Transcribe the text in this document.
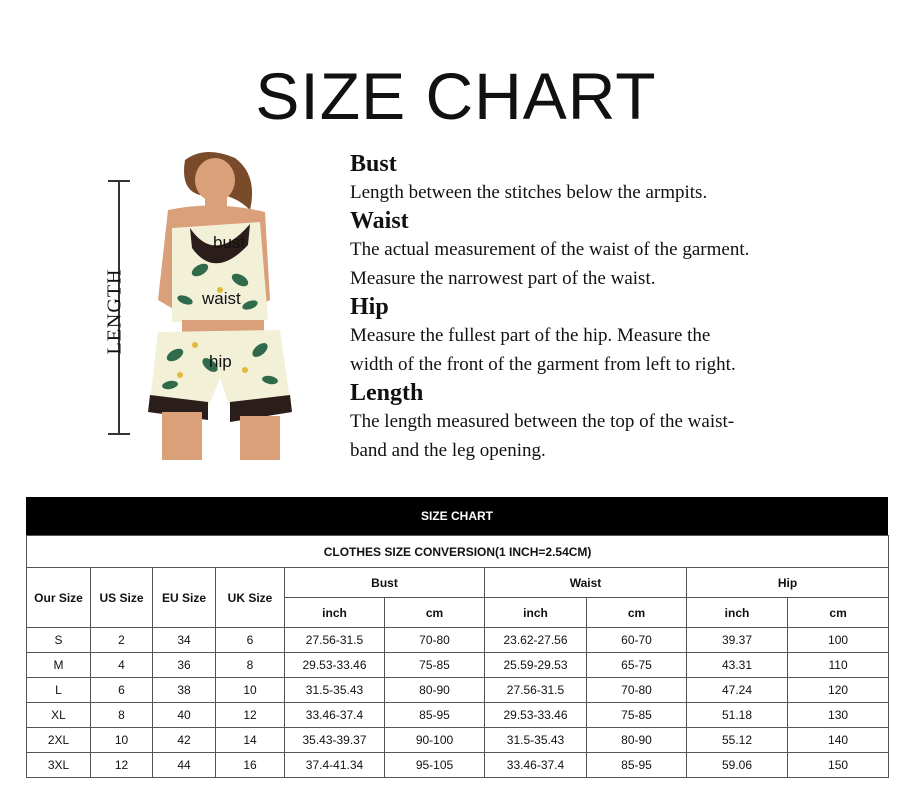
SIZE CHART
LENGTH
bust
waist
hip
Bust
Length between the stitches below the armpits.
Waist
The actual measurement of the waist of the garment.
Measure the narrowest part of the waist.
Hip
Measure the fullest part of the hip. Measure the
width of the front of the garment from left to right.
Length
The length measured between the top of the waist-
band and the leg opening.
SIZE CHART
CLOTHES SIZE CONVERSION(1 INCH=2.54CM)									
Our Size	US Size	EU Size	UK Size	Bust		Waist		Hip	
				inch	cm	inch	cm	inch	cm
S	2	34	6	27.56-31.5	70-80	23.62-27.56	60-70	39.37	100
M	4	36	8	29.53-33.46	75-85	25.59-29.53	65-75	43.31	110
L	6	38	10	31.5-35.43	80-90	27.56-31.5	70-80	47.24	120
XL	8	40	12	33.46-37.4	85-95	29.53-33.46	75-85	51.18	130
2XL	10	42	14	35.43-39.37	90-100	31.5-35.43	80-90	55.12	140
3XL	12	44	16	37.4-41.34	95-105	33.46-37.4	85-95	59.06	150
